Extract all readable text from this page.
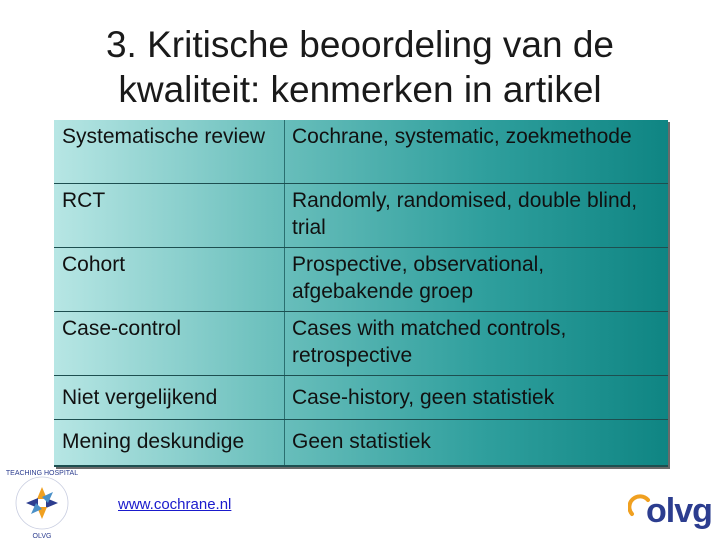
3. Kritische beoordeling van de
kwaliteit: kenmerken in artikel
Systematische review	Cochrane, systematic, zoekmethode
RCT	Randomly, randomised, double blind, trial
Cohort	Prospective, observational, afgebakende groep
Case-control	Cases with matched controls, retrospective
Niet vergelijkend	Case-history, geen statistiek
Mening deskundige	Geen statistiek
TEACHING HOSPITAL
OLVG
www.cochrane.nl	olvg
